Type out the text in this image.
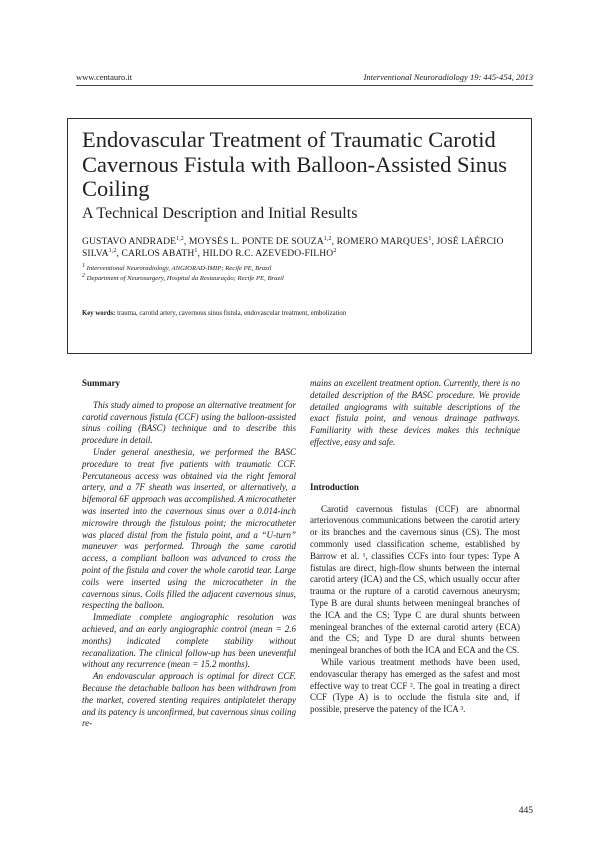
www.centauro.it	Interventional Neuroradiology 19: 445-454, 2013
Endovascular Treatment of Traumatic Carotid Cavernous Fistula with Balloon-Assisted Sinus Coiling
A Technical Description and Initial Results
GUSTAVO ANDRADE$^{1,2}$, MOYSÉS L. PONTE DE SOUZA$^{1,2}$, ROMERO MARQUES$^1$, JOSÉ LAÉRCIO SILVA$^{1,2}$, CARLOS ABATH$^1$, HILDO R.C. AZEVEDO-FILHO$^2$
$^1$ Interventional Neuroradiology, ANGIORAD-IMIP; Recife PE, Brazil
$^2$ Department of Neurosurgery, Hospital da Restauração; Recife PE, Brazil
Key words: trauma, carotid artery, cavernous sinus fistula, endovascular treatment, embolization
Summary

This study aimed to propose an alternative treatment for carotid cavernous fistula (CCF) using the balloon-assisted sinus coiling (BASC) technique and to describe this procedure in detail.

Under general anesthesia, we performed the BASC procedure to treat five patients with traumatic CCF. Percutaneous access was obtained via the right femoral artery, and a 7F sheath was inserted, or alternatively, a bifemoral 6F approach was accomplished. A microcatheter was inserted into the cavernous sinus over a 0.014-inch microwire through the fistulous point; the microcatheter was placed distal from the fistula point, and a “U-turn” maneuver was performed. Through the same carotid access, a compliant balloon was advanced to cross the point of the fistula and cover the whole carotid tear. Large coils were inserted using the microcatheter in the cavernous sinus. Coils filled the adjacent cavernous sinus, respecting the balloon.

Immediate complete angiographic resolution was achieved, and an early angiographic control (mean = 2.6 months) indicated complete stability without recanalization. The clinical follow-up has been uneventful without any recurrence (mean = 15.2 months).

An endovascular approach is optimal for direct CCF. Because the detachable balloon has been withdrawn from the market, covered stenting requires antiplatelet therapy and its patency is unconfirmed, but cavernous sinus coiling re-

mains an excellent treatment option. Currently, there is no detailed description of the BASC procedure. We provide detailed angiograms with suitable descriptions of the exact fistula point, and venous drainage pathways. Familiarity with these devices makes this technique effective, easy and safe.

Introduction

Carotid cavernous fistulas (CCF) are abnormal arteriovenous communications between the carotid artery or its branches and the cavernous sinus (CS). The most commonly used classification scheme, established by Barrow et al. ¹, classifies CCFs into four types: Type A fistulas are direct, high-flow shunts between the internal carotid artery (ICA) and the CS, which usually occur after trauma or the rupture of a carotid cavernous aneurysm; Type B are dural shunts between meningeal branches of the ICA and the CS; Type C are dural shunts between meningeal branches of the external carotid artery (ECA) and the CS; and Type D are dural shunts between meningeal branches of both the ICA and ECA and the CS.

While various treatment methods have been used, endovascular therapy has emerged as the safest and most effective way to treat CCF ². The goal in treating a direct CCF (Type A) is to occlude the fistula site and, if possible, preserve the patency of the ICA ³.

445
